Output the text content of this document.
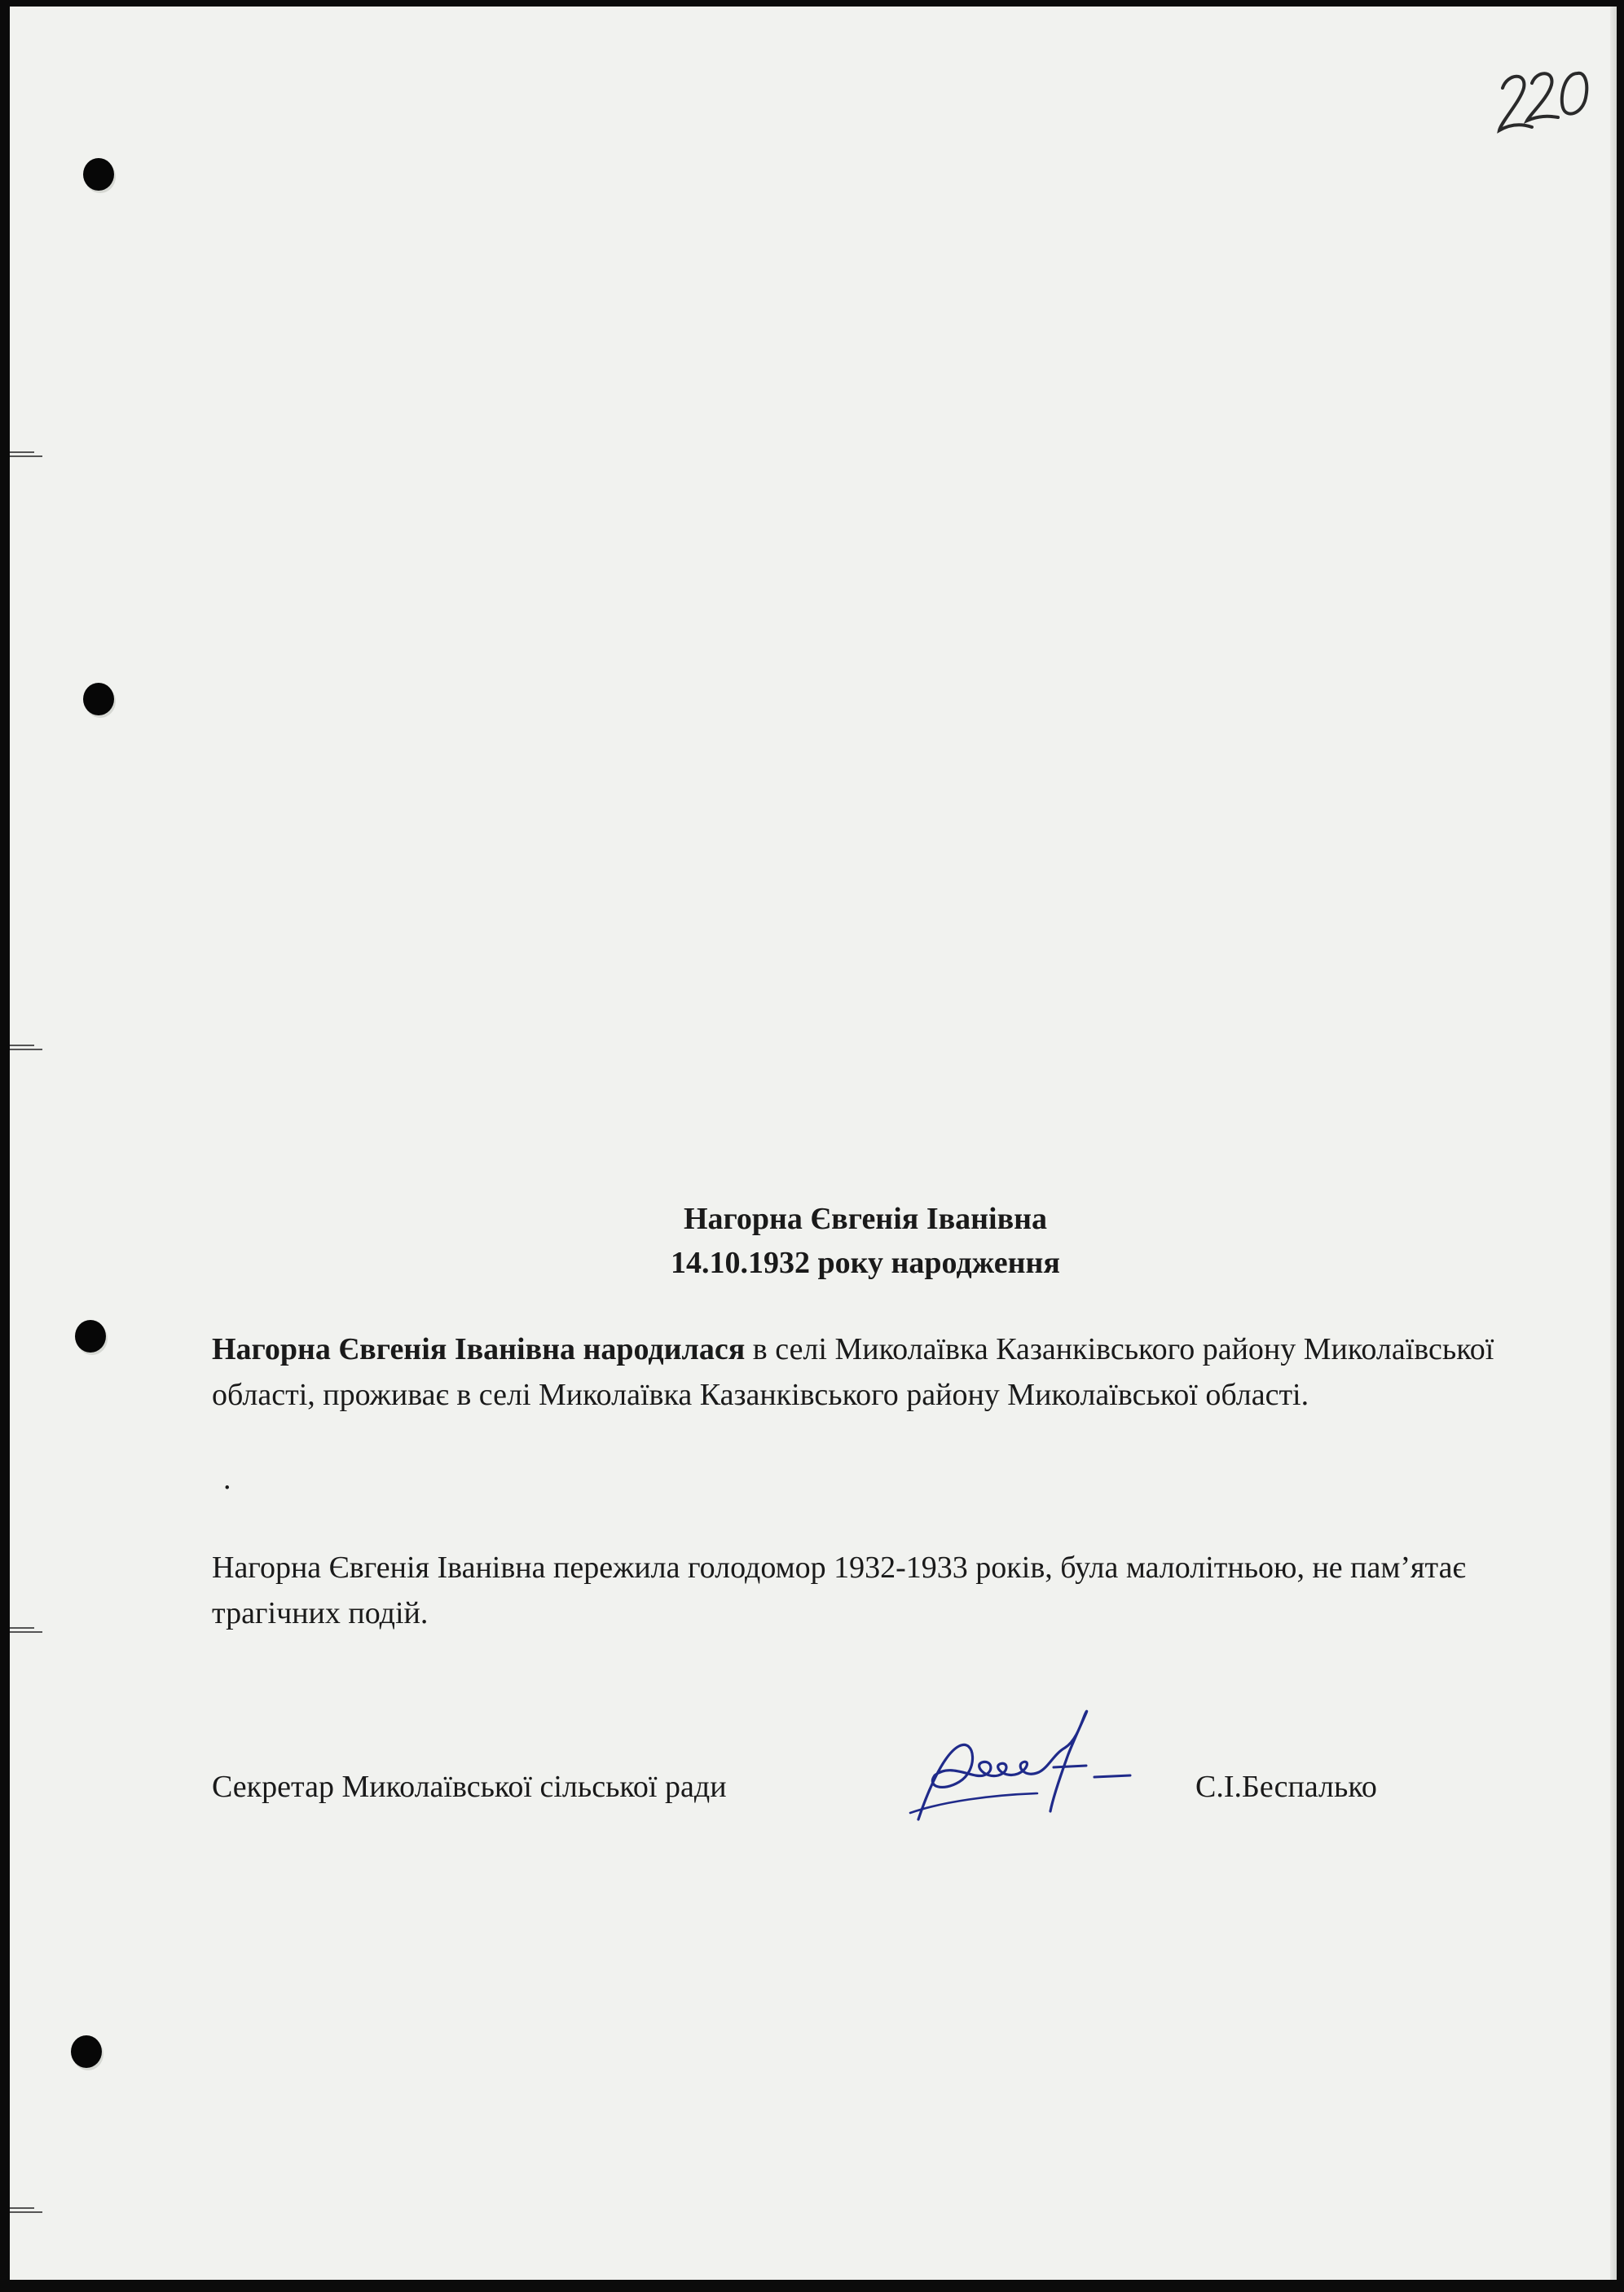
Нагорна Євгенія Іванівна

14.10.1932 року народження

Нагорна Євгенія Іванівна народилася в селі Миколаївка Казанківського району Миколаївської області, проживає в селі Миколаївка Казанківського району Миколаївської області.

.

Нагорна Євгенія Іванівна пережила голодомор 1932-1933 років, була малолітньою, не пам’ятає трагічних подій.

Секретар Миколаївської сільської ради	С.І.Беспалько
